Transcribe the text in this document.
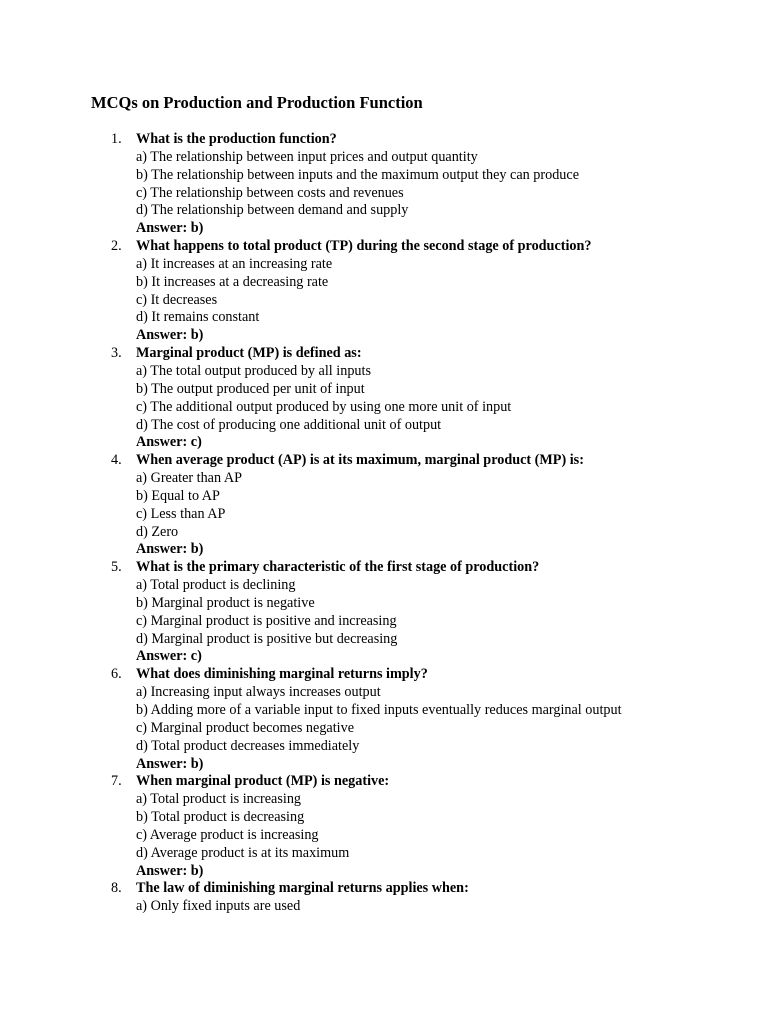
MCQs on Production and Production Function
1.	What is the production function?
a) The relationship between input prices and output quantity
b) The relationship between inputs and the maximum output they can produce
c) The relationship between costs and revenues
d) The relationship between demand and supply
Answer: b)
2.	What happens to total product (TP) during the second stage of production?
a) It increases at an increasing rate
b) It increases at a decreasing rate
c) It decreases
d) It remains constant
Answer: b)
3.	Marginal product (MP) is defined as:
a) The total output produced by all inputs
b) The output produced per unit of input
c) The additional output produced by using one more unit of input
d) The cost of producing one additional unit of output
Answer: c)
4.	When average product (AP) is at its maximum, marginal product (MP) is:
a) Greater than AP
b) Equal to AP
c) Less than AP
d) Zero
Answer: b)
5.	What is the primary characteristic of the first stage of production?
a) Total product is declining
b) Marginal product is negative
c) Marginal product is positive and increasing
d) Marginal product is positive but decreasing
Answer: c)
6.	What does diminishing marginal returns imply?
a) Increasing input always increases output
b) Adding more of a variable input to fixed inputs eventually reduces marginal output
c) Marginal product becomes negative
d) Total product decreases immediately
Answer: b)
7.	When marginal product (MP) is negative:
a) Total product is increasing
b) Total product is decreasing
c) Average product is increasing
d) Average product is at its maximum
Answer: b)
8.	The law of diminishing marginal returns applies when:
a) Only fixed inputs are used
